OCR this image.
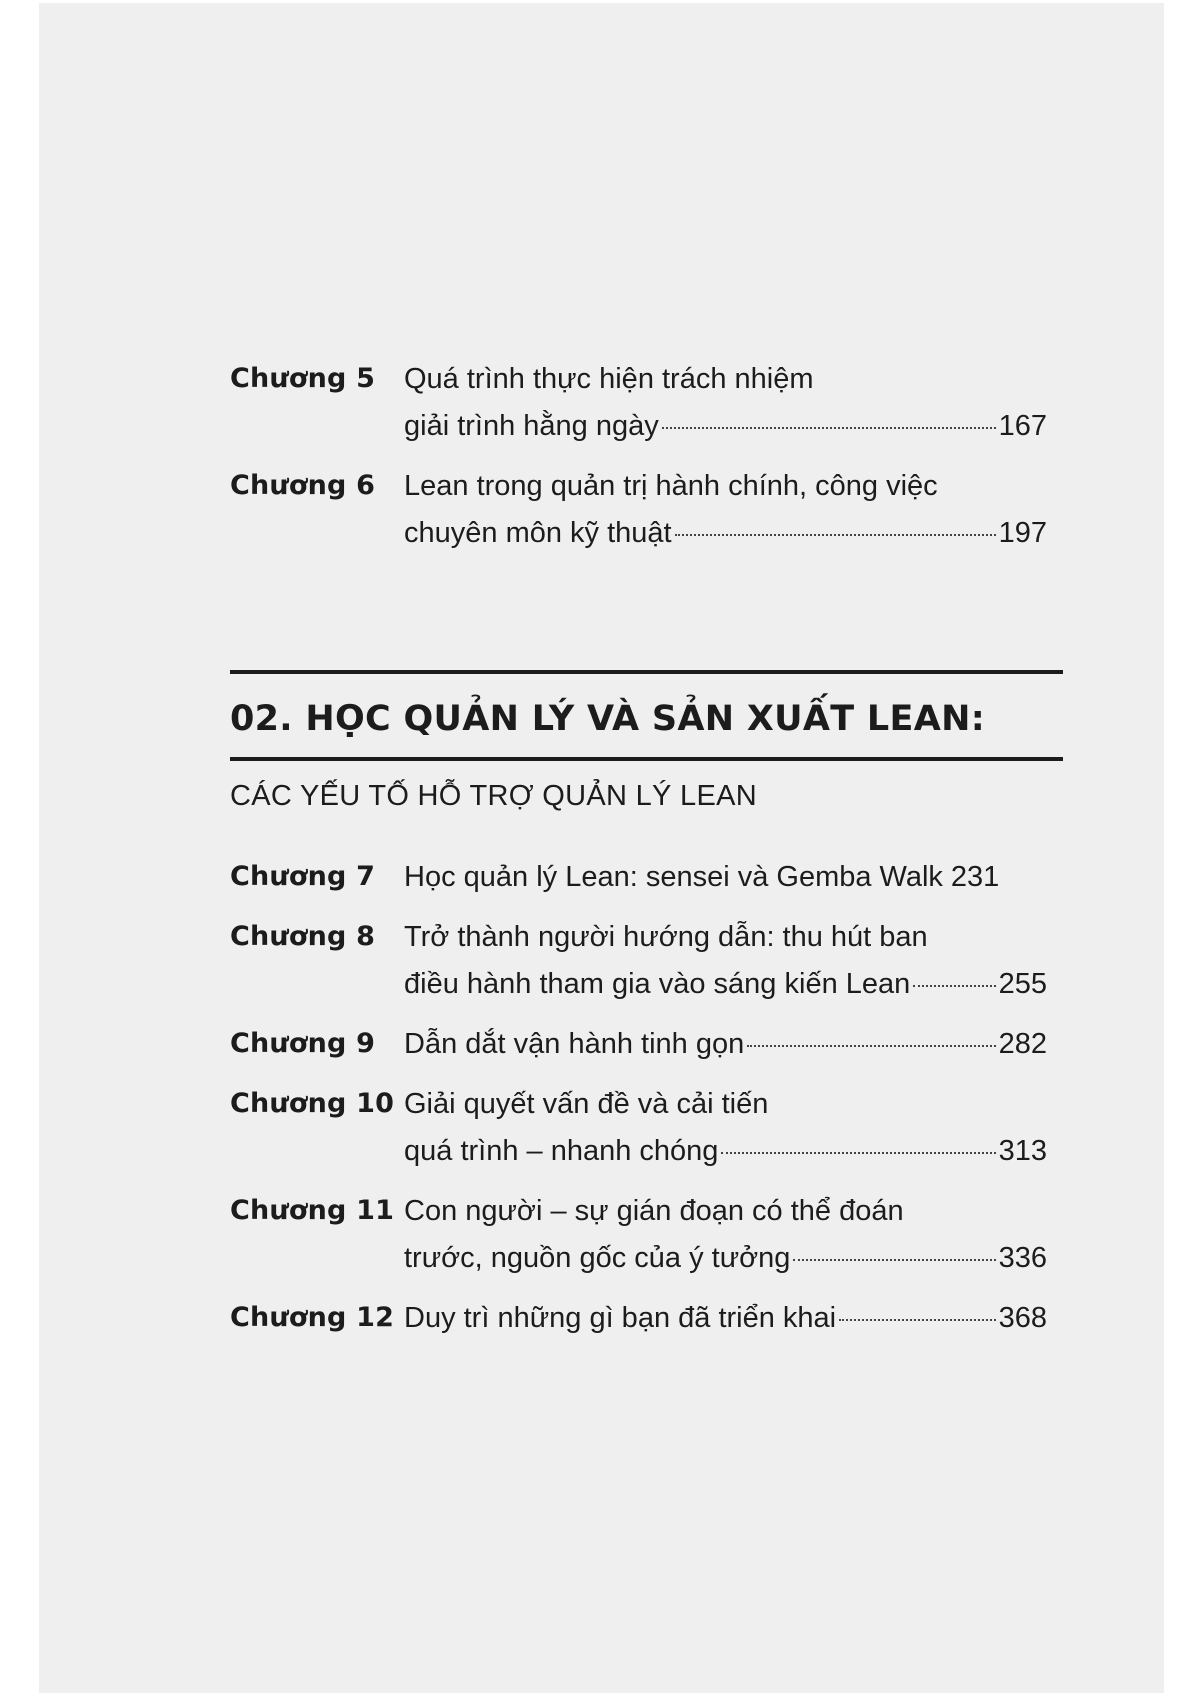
Chương 5 Quá trình thực hiện trách nhiệm
giải trình hằng ngày	167
Chương 6 Lean trong quản trị hành chính, công việc
chuyên môn kỹ thuật	197
02. HỌC QUẢN LÝ VÀ SẢN XUẤT LEAN:
CÁC YẾU TỐ HỖ TRỢ QUẢN LÝ LEAN
Chương 7 Học quản lý Lean: sensei và Gemba Walk 231
Chương 8 Trở thành người hướng dẫn: thu hút ban
điều hành tham gia vào sáng kiến Lean	255
Chương 9 Dẫn dắt vận hành tinh gọn	282
Chương 10 Giải quyết vấn đề và cải tiến
quá trình – nhanh chóng	313
Chương 11 Con người – sự gián đoạn có thể đoán
trước, nguồn gốc của ý tưởng	336
Chương 12 Duy trì những gì bạn đã triển khai	368
